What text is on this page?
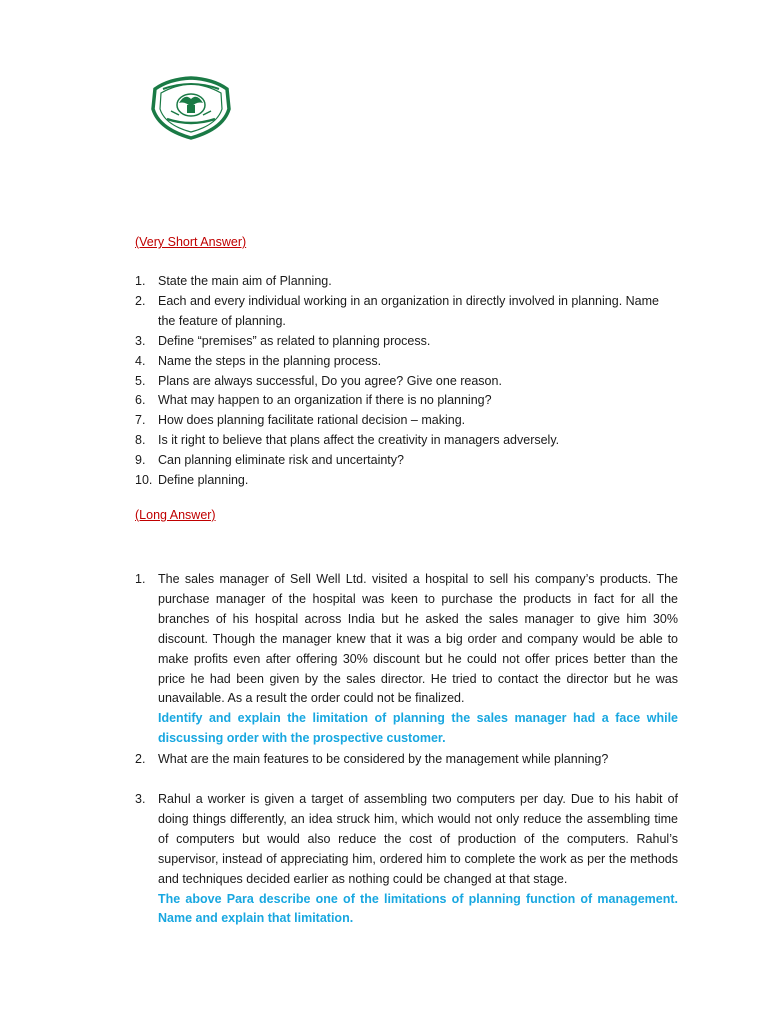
(Very Short Answer)
1. State the main aim of Planning.
2. Each and every individual working in an organization in directly involved in planning. Name the feature of planning.
3. Define “premises” as related to planning process.
4. Name the steps in the planning process.
5. Plans are always successful, Do you agree? Give one reason.
6. What may happen to an organization if there is no planning?
7. How does planning facilitate rational decision – making.
8. Is it right to believe that plans affect the creativity in managers adversely.
9. Can planning eliminate risk and uncertainty?
10. Define planning.
(Long Answer)
1. The sales manager of Sell Well Ltd. visited a hospital to sell his company’s products. The purchase manager of the hospital was keen to purchase the products in fact for all the branches of his hospital across India but he asked the sales manager to give him 30% discount. Though the manager knew that it was a big order and company would be able to make profits even after offering 30% discount but he could not offer prices better than the price he had been given by the sales director. He tried to contact the director but he was unavailable. As a result the order could not be finalized.
Identify and explain the limitation of planning the sales manager had a face while discussing order with the prospective customer.
2. What are the main features to be considered by the management while planning?
3. Rahul a worker is given a target of assembling two computers per day. Due to his habit of doing things differently, an idea struck him, which would not only reduce the assembling time of computers but would also reduce the cost of production of the computers. Rahul’s supervisor, instead of appreciating him, ordered him to complete the work as per the methods and techniques decided earlier as nothing could be changed at that stage.
The above Para describe one of the limitations of planning function of management. Name and explain that limitation.
